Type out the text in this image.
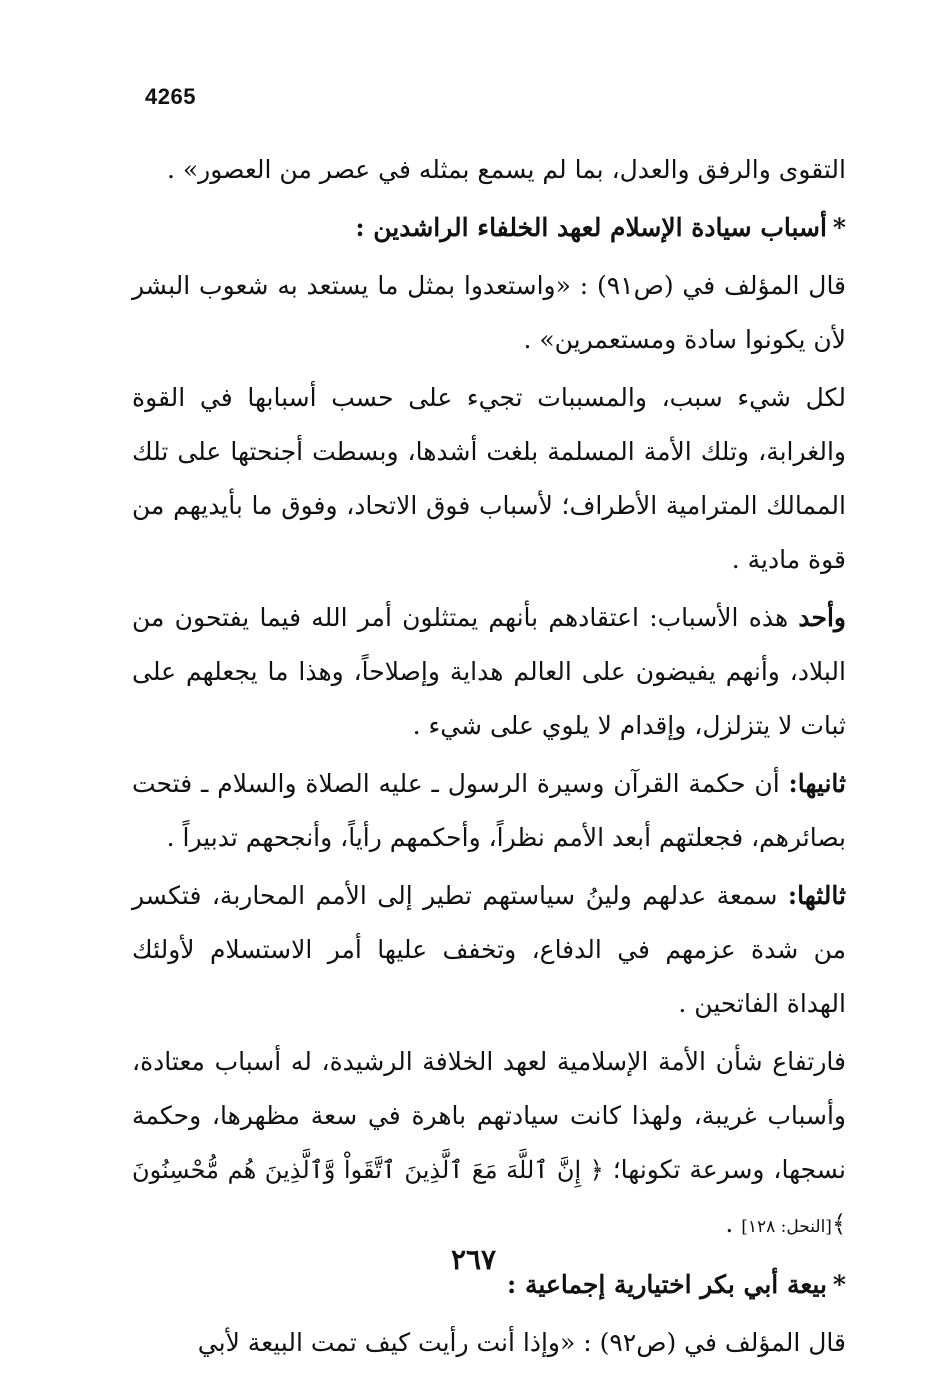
4265

التقوى والرفق والعدل، بما لم يسمع بمثله في عصر من العصور» .

*أسباب سيادة الإسلام لعهد الخلفاء الراشدين :

قال المؤلف في (ص٩١) : «واستعدوا بمثل ما يستعد به شعوب البشر لأن يكونوا سادة ومستعمرين» .

لكل شيء سبب، والمسببات تجيء على حسب أسبابها في القوة والغرابة، وتلك الأمة المسلمة بلغت أشدها، وبسطت أجنحتها على تلك الممالك المترامية الأطراف؛ لأسباب فوق الاتحاد، وفوق ما بأيديهم من قوة مادية .

وأحد هذه الأسباب: اعتقادهم بأنهم يمتثلون أمر الله فيما يفتحون من البلاد، وأنهم يفيضون على العالم هداية وإصلاحاً، وهذا ما يجعلهم على ثبات لا يتزلزل، وإقدام لا يلوي على شيء .

ثانيها: أن حكمة القرآن وسيرة الرسول ـ عليه الصلاة والسلام ـ فتحت بصائرهم، فجعلتهم أبعد الأمم نظراً، وأحكمهم رأياً، وأنجحهم تدبيراً .

ثالثها: سمعة عدلهم ولينُ سياستهم تطير إلى الأمم المحاربة، فتكسر من شدة عزمهم في الدفاع، وتخفف عليها أمر الاستسلام لأولئك الهداة الفاتحين .

فارتفاع شأن الأمة الإسلامية لعهد الخلافة الرشيدة، له أسباب معتادة، وأسباب غريبة، ولهذا كانت سيادتهم باهرة في سعة مظهرها، وحكمة نسجها، وسرعة تكونها؛ ﴿ إِنَّ ٱللَّهَ مَعَ ٱلَّذِينَ ٱتَّقَواْ وَّٱلَّذِينَ هُم مُّحْسِنُونَ ﴾[النحل: ١٢٨] .

*بيعة أبي بكر اختيارية إجماعية :

قال المؤلف في (ص٩٢) : «وإذا أنت رأيت كيف تمت البيعة لأبي

٢٦٧
